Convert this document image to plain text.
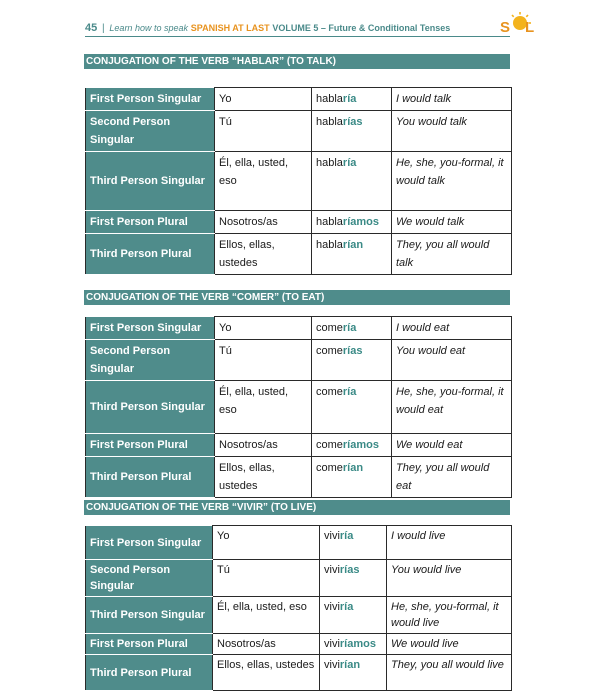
45 | Learn how to speak SPANISH AT LAST VOLUME 5 – Future & Conditional Tenses	S L
CONJUGATION OF THE VERB “HABLAR” (TO TALK)
First Person Singular	Yo	hablaría	I would talk
Second Person Singular	Tú	hablarías	You would talk
Third Person Singular	Él, ella, usted, eso	hablaría	He, she, you-formal, it would talk
First Person Plural	Nosotros/as	hablaríamos	We would talk
Third Person Plural	Ellos, ellas, ustedes	hablarían	They, you all would talk
CONJUGATION OF THE VERB “COMER” (TO EAT)
First Person Singular	Yo	comería	I would eat
Second Person Singular	Tú	comerías	You would eat
Third Person Singular	Él, ella, usted, eso	comería	He, she, you-formal, it would eat
First Person Plural	Nosotros/as	comeríamos	We would eat
Third Person Plural	Ellos, ellas, ustedes	comerían	They, you all would eat
CONJUGATION OF THE VERB “VIVIR” (TO LIVE)
First Person Singular	Yo	viviría	I would live
Second Person Singular	Tú	vivirías	You would live
Third Person Singular	Él, ella, usted, eso	viviría	He, she, you-formal, it would live
First Person Plural	Nosotros/as	viviríamos	We would live
Third Person Plural	Ellos, ellas, ustedes	vivirían	They, you all would live
